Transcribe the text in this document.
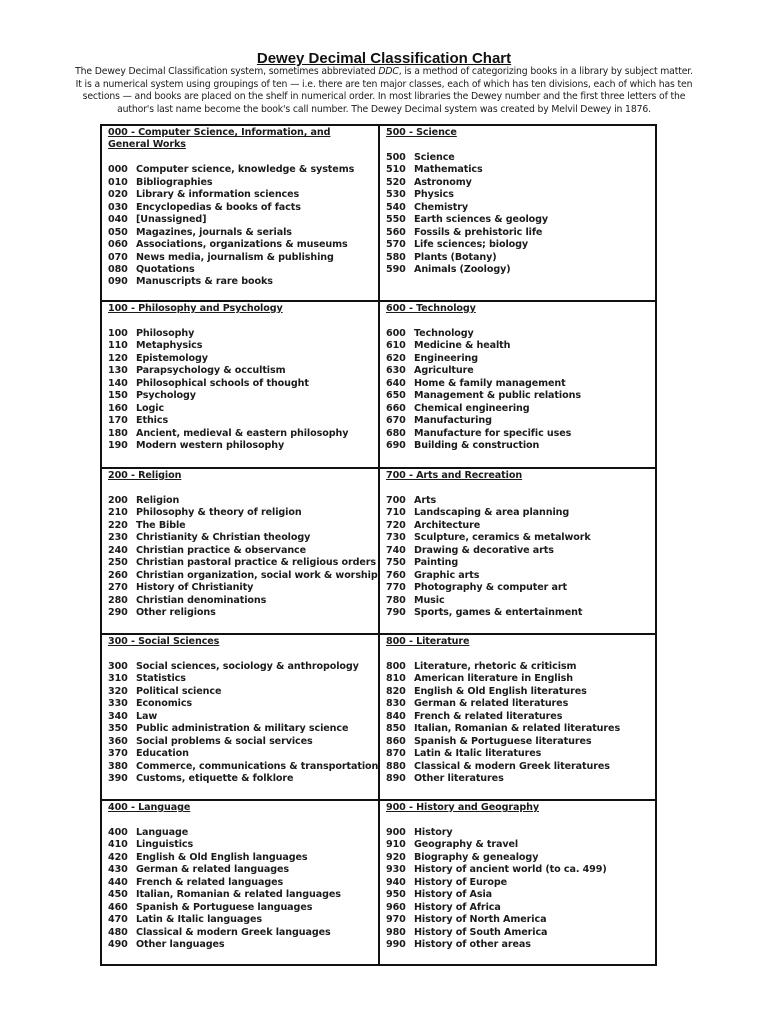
Dewey Decimal Classification Chart

The Dewey Decimal Classification system, sometimes abbreviated DDC, is a method of categorizing books in a library by subject matter. It is a numerical system using groupings of ten — i.e. there are ten major classes, each of which has ten divisions, each of which has ten sections — and books are placed on the shelf in numerical order. In most libraries the Dewey number and the first three letters of the author's last name become the book's call number. The Dewey Decimal system was created by Melvil Dewey in 1876.

000 - Computer Science, Information, and General Works
000 Computer science, knowledge & systems
010 Bibliographies
020 Library & information sciences
030 Encyclopedias & books of facts
040 [Unassigned]
050 Magazines, journals & serials
060 Associations, organizations & museums
070 News media, journalism & publishing
080 Quotations
090 Manuscripts & rare books
500 - Science
500 Science
510 Mathematics
520 Astronomy
530 Physics
540 Chemistry
550 Earth sciences & geology
560 Fossils & prehistoric life
570 Life sciences; biology
580 Plants (Botany)
590 Animals (Zoology)
100 - Philosophy and Psychology
100 Philosophy
110 Metaphysics
120 Epistemology
130 Parapsychology & occultism
140 Philosophical schools of thought
150 Psychology
160 Logic
170 Ethics
180 Ancient, medieval & eastern philosophy
190 Modern western philosophy
600 - Technology
600 Technology
610 Medicine & health
620 Engineering
630 Agriculture
640 Home & family management
650 Management & public relations
660 Chemical engineering
670 Manufacturing
680 Manufacture for specific uses
690 Building & construction
200 - Religion
200 Religion
210 Philosophy & theory of religion
220 The Bible
230 Christianity & Christian theology
240 Christian practice & observance
250 Christian pastoral practice & religious orders
260 Christian organization, social work & worship
270 History of Christianity
280 Christian denominations
290 Other religions
700 - Arts and Recreation
700 Arts
710 Landscaping & area planning
720 Architecture
730 Sculpture, ceramics & metalwork
740 Drawing & decorative arts
750 Painting
760 Graphic arts
770 Photography & computer art
780 Music
790 Sports, games & entertainment
300 - Social Sciences
300 Social sciences, sociology & anthropology
310 Statistics
320 Political science
330 Economics
340 Law
350 Public administration & military science
360 Social problems & social services
370 Education
380 Commerce, communications & transportation
390 Customs, etiquette & folklore
800 - Literature
800 Literature, rhetoric & criticism
810 American literature in English
820 English & Old English literatures
830 German & related literatures
840 French & related literatures
850 Italian, Romanian & related literatures
860 Spanish & Portuguese literatures
870 Latin & Italic literatures
880 Classical & modern Greek literatures
890 Other literatures
400 - Language
400 Language
410 Linguistics
420 English & Old English languages
430 German & related languages
440 French & related languages
450 Italian, Romanian & related languages
460 Spanish & Portuguese languages
470 Latin & Italic languages
480 Classical & modern Greek languages
490 Other languages
900 - History and Geography
900 History
910 Geography & travel
920 Biography & genealogy
930 History of ancient world (to ca. 499)
940 History of Europe
950 History of Asia
960 History of Africa
970 History of North America
980 History of South America
990 History of other areas
